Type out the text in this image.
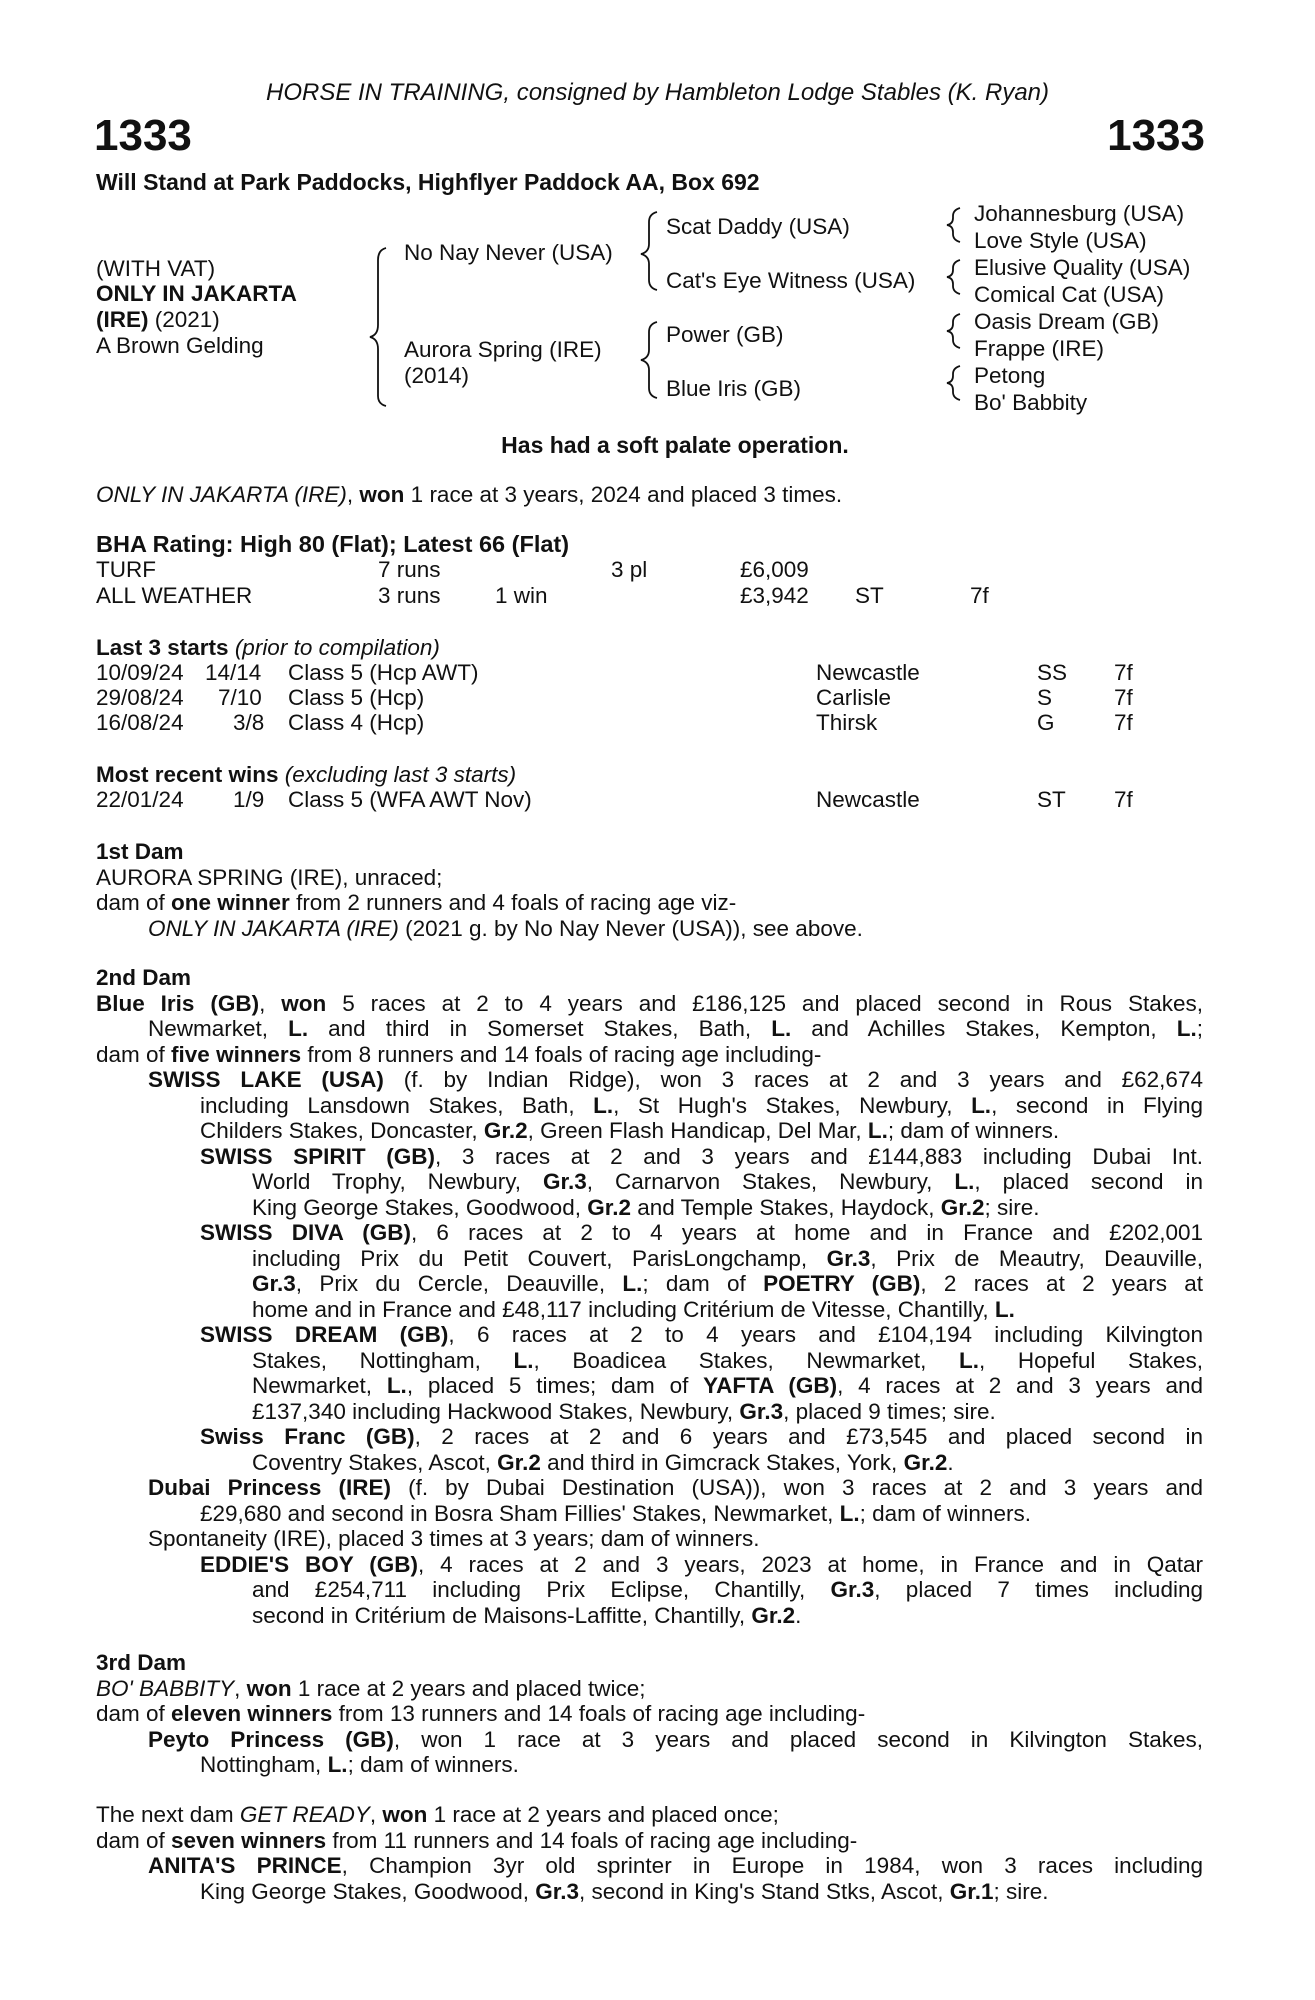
HORSE IN TRAINING, consigned by Hambleton Lodge Stables (K. Ryan)
1333	1333
Will Stand at Park Paddocks, Highflyer Paddock AA, Box 692
(WITH VAT)
ONLY IN JAKARTA
(IRE) (2021)
A Brown Gelding
No Nay Never (USA)
Aurora Spring (IRE)
(2014)
Scat Daddy (USA)
Cat's Eye Witness (USA)
Power (GB)
Blue Iris (GB)
Johannesburg (USA)
Love Style (USA)
Elusive Quality (USA)
Comical Cat (USA)
Oasis Dream (GB)
Frappe (IRE)
Petong
Bo' Babbity
Has had a soft palate operation.
ONLY IN JAKARTA (IRE), won 1 race at 3 years, 2024 and placed 3 times.
BHA Rating: High 80 (Flat); Latest 66 (Flat)
TURF	7 runs	3 pl	£6,009
ALL WEATHER	3 runs 1 win	£3,942 ST	7f
Last 3 starts (prior to compilation)
10/09/24 14/14 Class 5 (Hcp AWT)	Newcastle	SS 7f
29/08/24 7/10 Class 5 (Hcp)	Carlisle	S	7f
16/08/24 3/8 Class 4 (Hcp)	Thirsk	G	7f
Most recent wins (excluding last 3 starts)
22/01/24 1/9 Class 5 (WFA AWT Nov)	Newcastle	ST 7f
1st Dam
AURORA SPRING (IRE), unraced;
dam of one winner from 2 runners and 4 foals of racing age viz-
ONLY IN JAKARTA (IRE) (2021 g. by No Nay Never (USA)), see above.
2nd Dam
Blue Iris (GB), won 5 races at 2 to 4 years and £186,125 and placed second in Rous Stakes,
Newmarket, L. and third in Somerset Stakes, Bath, L. and Achilles Stakes, Kempton, L.;
dam of five winners from 8 runners and 14 foals of racing age including-
SWISS LAKE (USA) (f. by Indian Ridge), won 3 races at 2 and 3 years and £62,674
including Lansdown Stakes, Bath, L., St Hugh's Stakes, Newbury, L., second in Flying
Childers Stakes, Doncaster, Gr.2, Green Flash Handicap, Del Mar, L.; dam of winners.
SWISS SPIRIT (GB), 3 races at 2 and 3 years and £144,883 including Dubai Int.
World Trophy, Newbury, Gr.3, Carnarvon Stakes, Newbury, L., placed second in
King George Stakes, Goodwood, Gr.2 and Temple Stakes, Haydock, Gr.2; sire.
SWISS DIVA (GB), 6 races at 2 to 4 years at home and in France and £202,001
including Prix du Petit Couvert, ParisLongchamp, Gr.3, Prix de Meautry, Deauville,
Gr.3, Prix du Cercle, Deauville, L.; dam of POETRY (GB), 2 races at 2 years at
home and in France and £48,117 including Critérium de Vitesse, Chantilly, L.
SWISS DREAM (GB), 6 races at 2 to 4 years and £104,194 including Kilvington
Stakes, Nottingham, L., Boadicea Stakes, Newmarket, L., Hopeful Stakes,
Newmarket, L., placed 5 times; dam of YAFTA (GB), 4 races at 2 and 3 years and
£137,340 including Hackwood Stakes, Newbury, Gr.3, placed 9 times; sire.
Swiss Franc (GB), 2 races at 2 and 6 years and £73,545 and placed second in
Coventry Stakes, Ascot, Gr.2 and third in Gimcrack Stakes, York, Gr.2.
Dubai Princess (IRE) (f. by Dubai Destination (USA)), won 3 races at 2 and 3 years and
£29,680 and second in Bosra Sham Fillies' Stakes, Newmarket, L.; dam of winners.
Spontaneity (IRE), placed 3 times at 3 years; dam of winners.
EDDIE'S BOY (GB), 4 races at 2 and 3 years, 2023 at home, in France and in Qatar
and £254,711 including Prix Eclipse, Chantilly, Gr.3, placed 7 times including
second in Critérium de Maisons-Laffitte, Chantilly, Gr.2.
3rd Dam
BO' BABBITY, won 1 race at 2 years and placed twice;
dam of eleven winners from 13 runners and 14 foals of racing age including-
Peyto Princess (GB), won 1 race at 3 years and placed second in Kilvington Stakes,
Nottingham, L.; dam of winners.
The next dam GET READY, won 1 race at 2 years and placed once;
dam of seven winners from 11 runners and 14 foals of racing age including-
ANITA'S PRINCE, Champion 3yr old sprinter in Europe in 1984, won 3 races including
King George Stakes, Goodwood, Gr.3, second in King's Stand Stks, Ascot, Gr.1; sire.
